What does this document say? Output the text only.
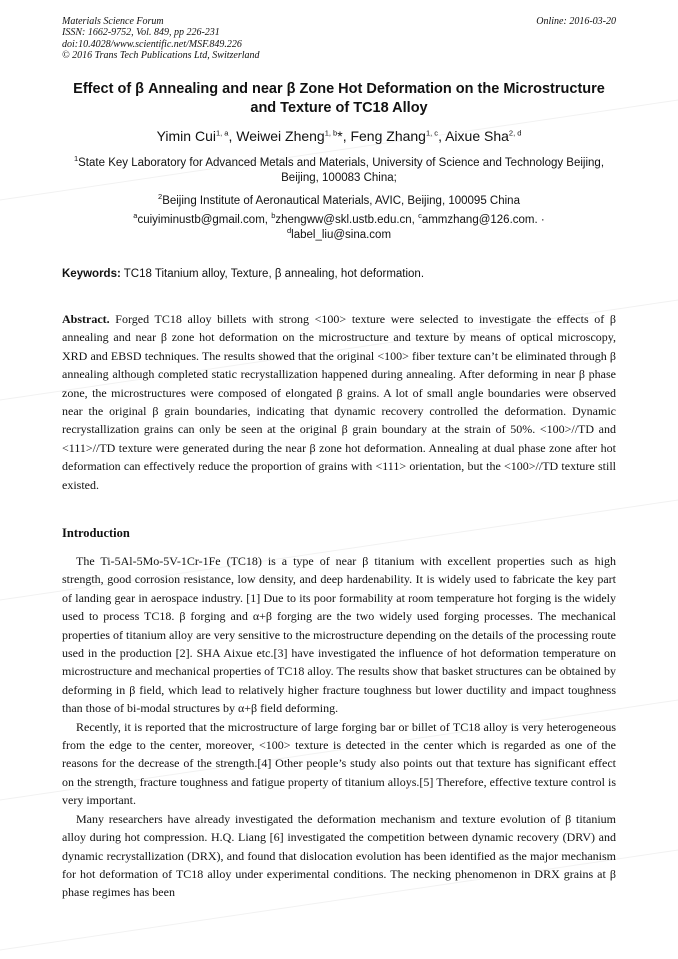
Materials Science Forum
ISSN: 1662-9752, Vol. 849, pp 226-231
doi:10.4028/www.scientific.net/MSF.849.226
© 2016 Trans Tech Publications Ltd, Switzerland
Online: 2016-03-20
Effect of β Annealing and near β Zone Hot Deformation on the Microstructure and Texture of TC18 Alloy
Yimin Cui$^{1, a}$, Weiwei Zheng$^{1, b}$*, Feng Zhang$^{1, c}$, Aixue Sha$^{2, d}$
$^1$State Key Laboratory for Advanced Metals and Materials, University of Science and Technology Beijing, Beijing, 100083 China;
$^2$Beijing Institute of Aeronautical Materials, AVIC, Beijing, 100095 China
$^a$cuiyiminustb@gmail.com, $^b$zhengww@skl.ustb.edu.cn, $^c$ammzhang@126.com. ·
$^d$label_liu@sina.com
Keywords: TC18 Titanium alloy, Texture, β annealing, hot deformation.
Abstract. Forged TC18 alloy billets with strong <100> texture were selected to investigate the effects of β annealing and near β zone hot deformation on the microstructure and texture by means of optical microscopy, XRD and EBSD techniques. The results showed that the original <100> fiber texture can’t be eliminated through β annealing although completed static recrystallization happened during annealing. After deforming in near β phase zone, the microstructures were composed of elongated β grains. A lot of small angle boundaries were observed near the original β grain boundaries, indicating that dynamic recovery controlled the deformation. Dynamic recrystallization grains can only be seen at the original β grain boundary at the strain of 50%. <100>//TD and <111>//TD texture were generated during the near β zone hot deformation. Annealing at dual phase zone after hot deformation can effectively reduce the proportion of grains with <111> orientation, but the <100>//TD texture still existed.
Introduction

The Ti-5Al-5Mo-5V-1Cr-1Fe (TC18) is a type of near β titanium with excellent properties such as high strength, good corrosion resistance, low density, and deep hardenability. It is widely used to fabricate the key part of landing gear in aerospace industry. [1] Due to its poor formability at room temperature hot forging is the widely used to process TC18. β forging and α+β forging are the two widely used forging processes. The mechanical properties of titanium alloy are very sensitive to the microstructure depending on the details of the processing route used in the production [2]. SHA Aixue etc.[3] have investigated the influence of hot deformation temperature on microstructure and mechanical properties of TC18 alloy. The results show that basket structures can be obtained by deforming in β field, which lead to relatively higher fracture toughness but lower ductility and impact toughness than those of bi-modal structures by α+β field deforming.

Recently, it is reported that the microstructure of large forging bar or billet of TC18 alloy is very heterogeneous from the edge to the center, moreover, <100> texture is detected in the center which is regarded as one of the reasons for the decrease of the strength.[4] Other people’s study also points out that texture has significant effect on the strength, fracture toughness and fatigue property of titanium alloys.[5] Therefore, effective texture control is very important.

Many researchers have already investigated the deformation mechanism and texture evolution of β titanium alloy during hot compression. H.Q. Liang [6] investigated the competition between dynamic recovery (DRV) and dynamic recrystallization (DRX), and found that dislocation evolution has been identified as the major mechanism for hot deformation of TC18 alloy under experimental conditions. The necking phenomenon in DRX grains at β phase regimes has been
